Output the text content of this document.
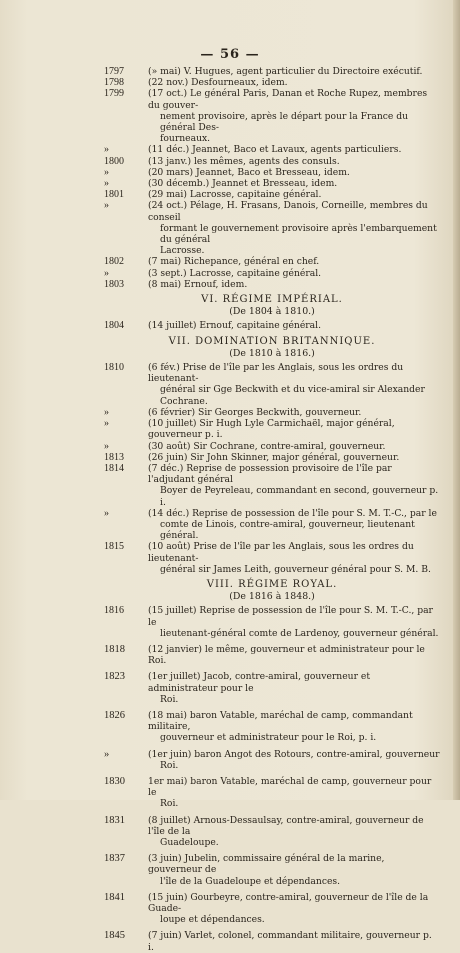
— 56 —
1797	(» mai) V. Hugues, agent particulier du Directoire exécutif.
1798	(22 nov.) Desfourneaux, idem.
1799	(17 oct.) Le général Paris, Danan et Roche Rupez, membres du gouver-
nement provisoire, après le départ pour la France du général Des-
fourneaux.
»	(11 déc.) Jeannet, Baco et Lavaux, agents particuliers.
1800	(13 janv.) les mêmes, agents des consuls.
»	(20 mars) Jeannet, Baco et Bresseau, idem.
»	(30 décemb.) Jeannet et Bresseau, idem.
1801	(29 mai) Lacrosse, capitaine général.
»	(24 oct.) Pélage, H. Frasans, Danois, Corneille, membres du conseil
formant le gouvernement provisoire après l'embarquement du général
Lacrosse.
1802	(7 mai) Richepance, général en chef.
»	(3 sept.) Lacrosse, capitaine général.
1803	(8 mai) Ernouf, idem.
VI. RÉGIME IMPÉRIAL.
(De 1804 à 1810.)
1804	(14 juillet) Ernouf, capitaine général.
VII. DOMINATION BRITANNIQUE.
(De 1810 à 1816.)
1810	(6 fév.) Prise de l'île par les Anglais, sous les ordres du lieutenant-
général sir Gge Beckwith et du vice-amiral sir Alexander Cochrane.
»	(6 février) Sir Georges Beckwith, gouverneur.
»	(10 juillet) Sir Hugh Lyle Carmichaël, major général, gouverneur p. i.
»	(30 août) Sir Cochrane, contre-amiral, gouverneur.
1813	(26 juin) Sir John Skinner, major général, gouverneur.
1814	(7 déc.) Reprise de possession provisoire de l'île par l'adjudant général
Boyer de Peyreleau, commandant en second, gouverneur p. i.
»	(14 déc.) Reprise de possession de l'île pour S. M. T.-C., par le
comte de Linois, contre-amiral, gouverneur, lieutenant général.
1815	(10 août) Prise de l'île par les Anglais, sous les ordres du lieutenant-
général sir James Leith, gouverneur général pour S. M. B.
VIII. RÉGIME ROYAL.
(De 1816 à 1848.)
1816	(15 juillet) Reprise de possession de l'île pour S. M. T.-C., par le
lieutenant-général comte de Lardenoy, gouverneur général.
1818	(12 janvier) le même, gouverneur et administrateur pour le Roi.
1823	(1er juillet) Jacob, contre-amiral, gouverneur et administrateur pour le
Roi.
1826	(18 mai) baron Vatable, maréchal de camp, commandant militaire,
gouverneur et administrateur pour le Roi, p. i.
»	(1er juin) baron Angot des Rotours, contre-amiral, gouverneur
Roi.
1830	1er mai) baron Vatable, maréchal de camp, gouverneur pour le
Roi.
1831	(8 juillet) Arnous-Dessaulsay, contre-amiral, gouverneur de l'île de la
Guadeloupe.
1837	(3 juin) Jubelin, commissaire général de la marine, gouverneur de
l'île de la Guadeloupe et dépendances.
1841	(15 juin) Gourbeyre, contre-amiral, gouverneur de l'île de la Guade-
loupe et dépendances.
1845	(7 juin) Varlet, colonel, commandant militaire, gouverneur p. i.
